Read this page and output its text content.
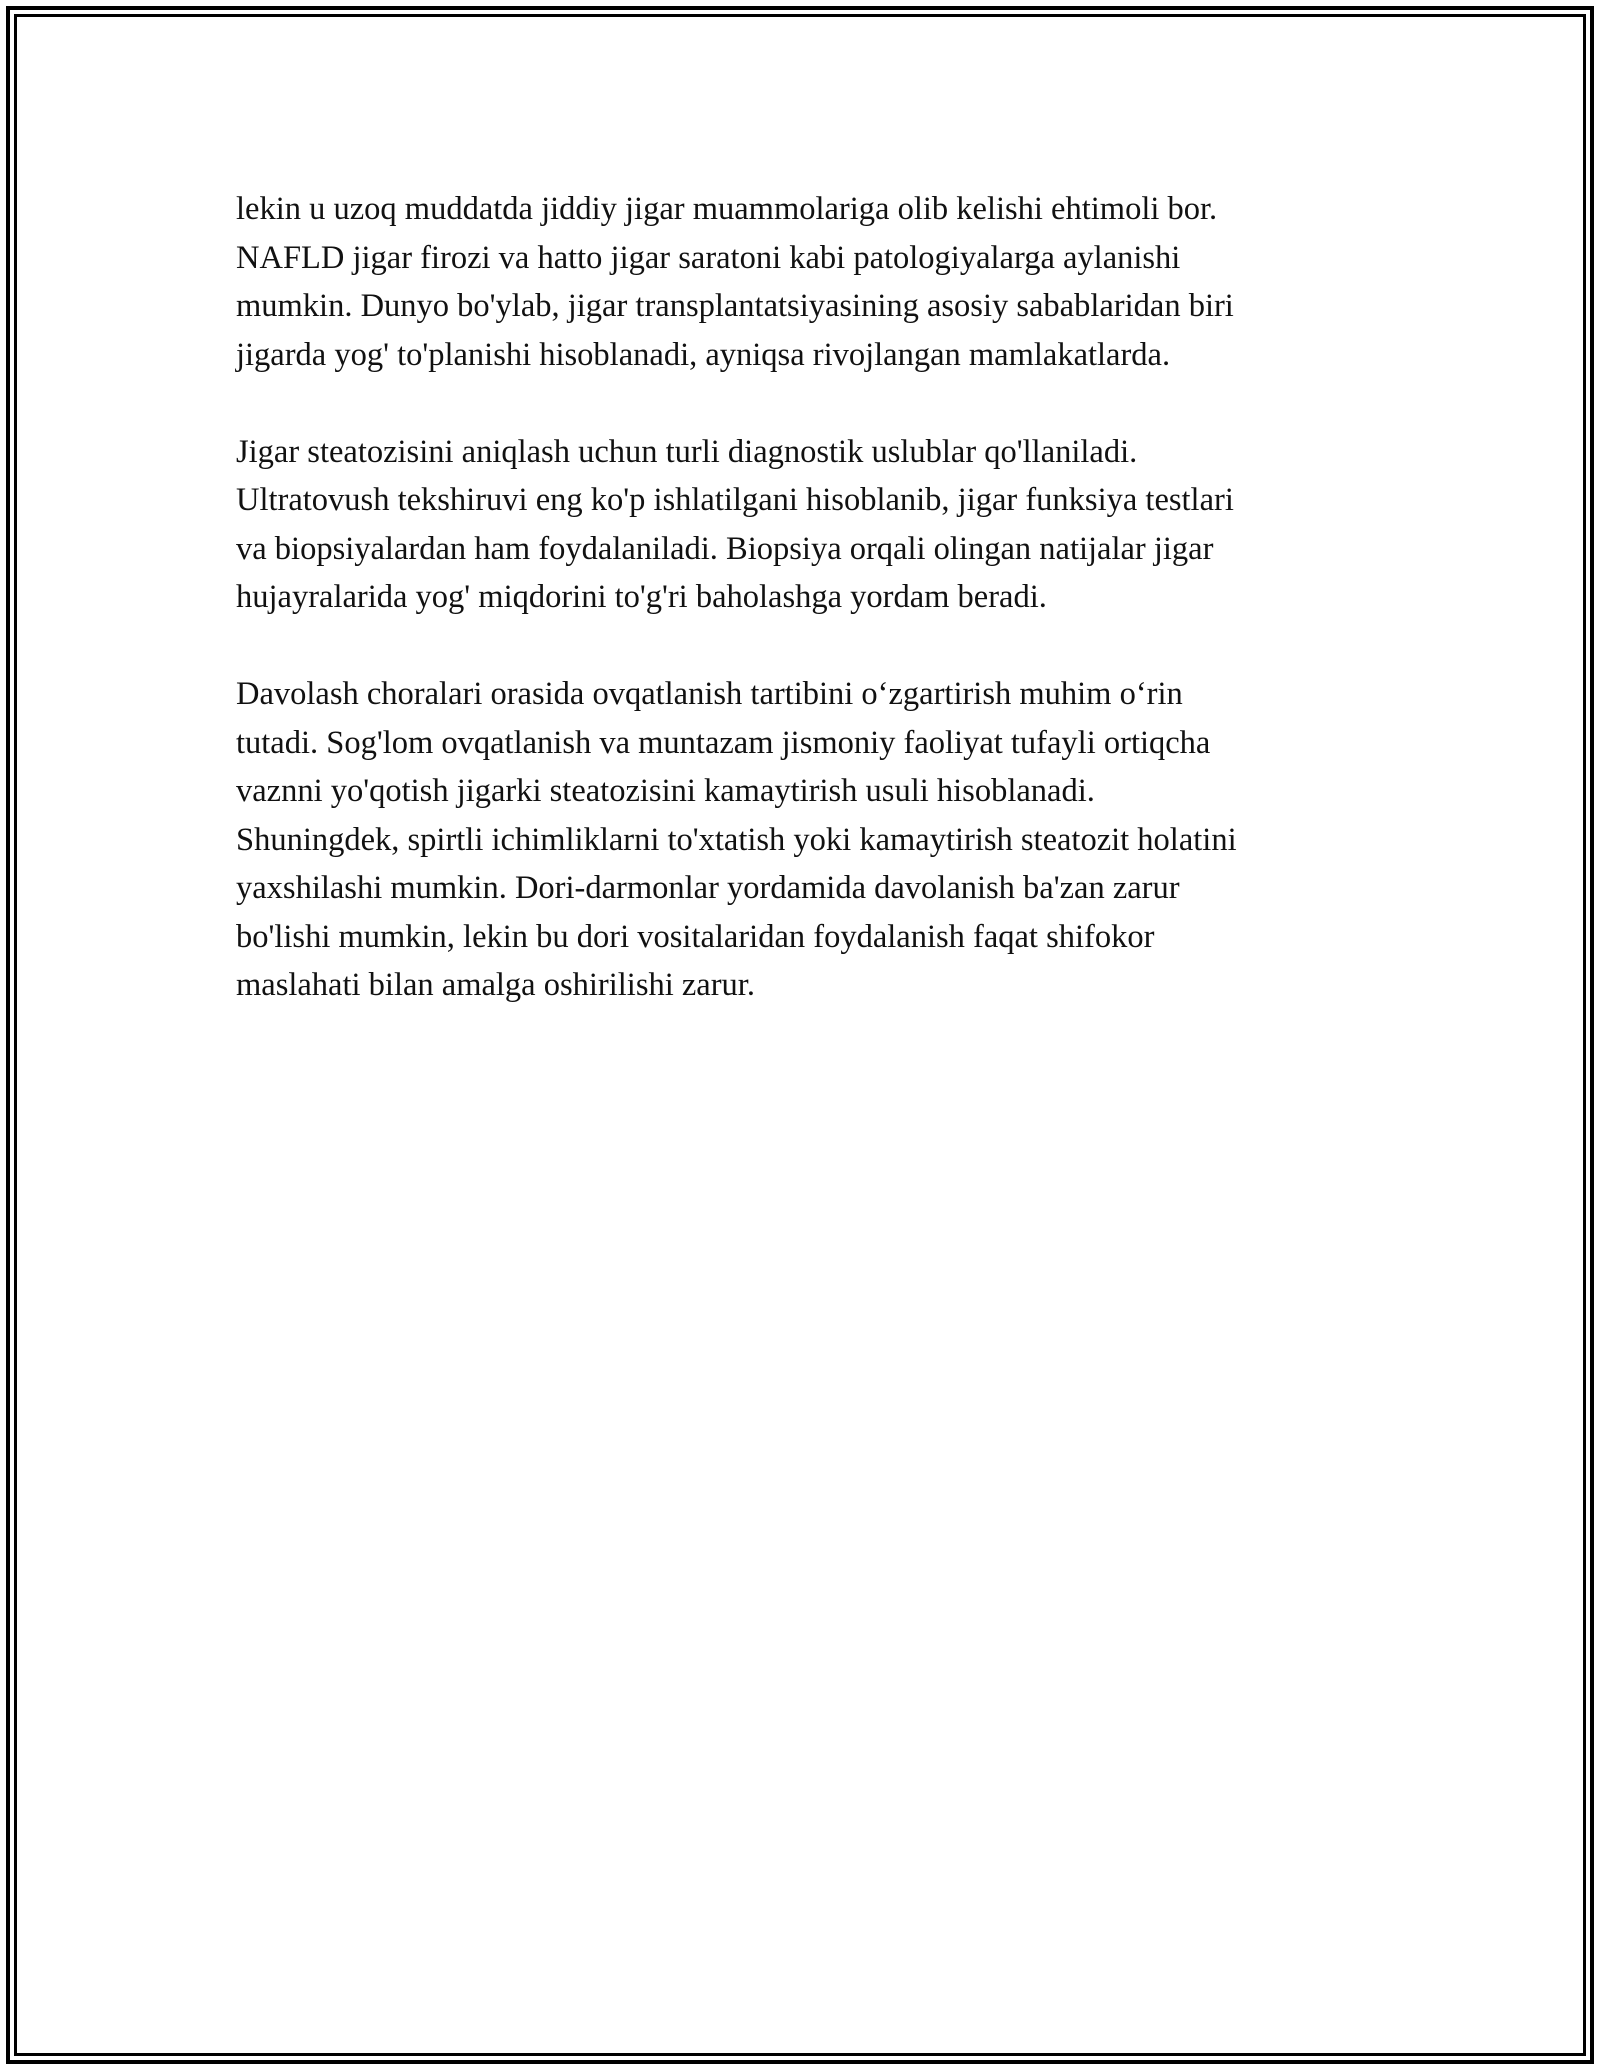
lekin u uzoq muddatda jiddiy jigar muammolariga olib kelishi ehtimoli bor.
NAFLD jigar firozi va hatto jigar saratoni kabi patologiyalarga aylanishi
mumkin. Dunyo bo'ylab, jigar transplantatsiyasining asosiy sabablaridan biri
jigarda yog' to'planishi hisoblanadi, ayniqsa rivojlangan mamlakatlarda.

Jigar steatozisini aniqlash uchun turli diagnostik uslublar qo'llaniladi.
Ultratovush tekshiruvi eng ko'p ishlatilgani hisoblanib, jigar funksiya testlari
va biopsiyalardan ham foydalaniladi. Biopsiya orqali olingan natijalar jigar
hujayralarida yog' miqdorini to'g'ri baholashga yordam beradi.

Davolash choralari orasida ovqatlanish tartibini o‘zgartirish muhim o‘rin
tutadi. Sog'lom ovqatlanish va muntazam jismoniy faoliyat tufayli ortiqcha
vaznni yo'qotish jigarki steatozisini kamaytirish usuli hisoblanadi.
Shuningdek, spirtli ichimliklarni to'xtatish yoki kamaytirish steatozit holatini
yaxshilashi mumkin. Dori-darmonlar yordamida davolanish ba'zan zarur
bo'lishi mumkin, lekin bu dori vositalaridan foydalanish faqat shifokor
maslahati bilan amalga oshirilishi zarur.
